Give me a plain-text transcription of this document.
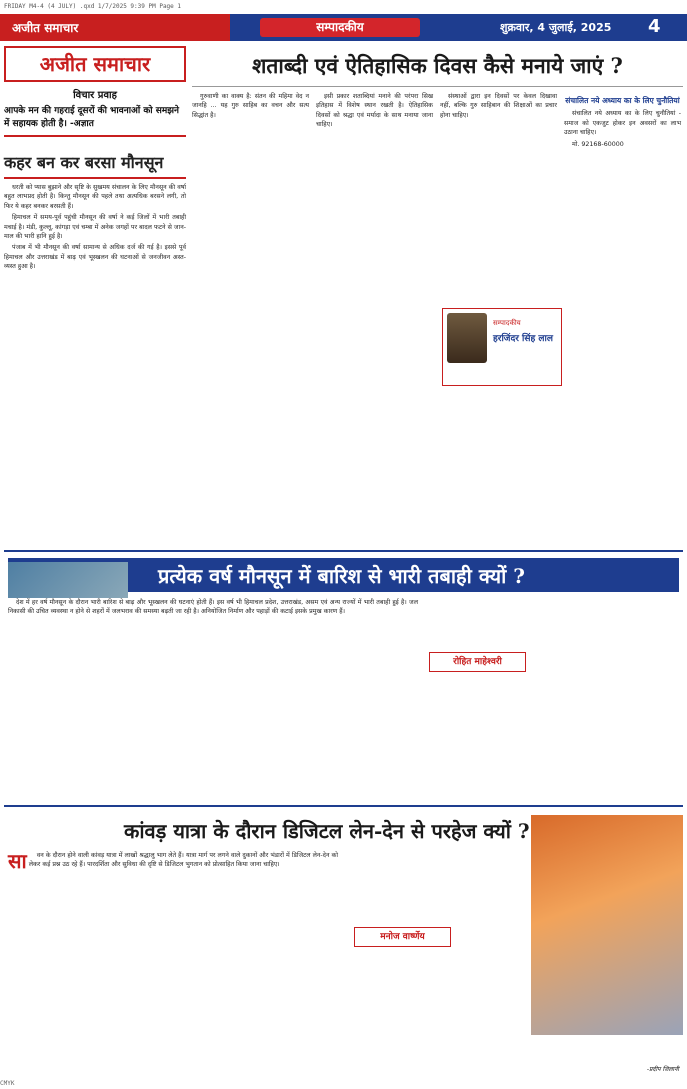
FRIDAY M4-4 (4 JULY) .qxd 1/7/2025 9:39 PM Page 1
अजीत समाचार	सम्पादकीय	शुक्रवार, 4 जुलाई, 2025 4
अजीत समाचार
विचार प्रवाह
आपके मन की गहराई दूसरों की भावनाओं को समझने में सहायक होती है। -अज्ञात
कहर बन कर बरसा मौनसून

धरती को प्यास बुझाने और सृष्टि के सुखमय संचालन के लिए मौनसून की वर्षा बहुत लाभप्रद होती है। किन्तु मौनसून की पहले तथा अत्यधिक बरसने लगी, तो फिर ये कहर बनकर बरसती हैं।

हिमाचल में समय-पूर्व पहुंची मौनसून की वर्षा ने कई जिलों में भारी तबाही मचाई है। मंडी, कुल्लू, कांगड़ा एवं चम्बा में अनेक जगहों पर बादल फटने से जान-माल की भारी हानि हुई है।

पंजाब में भी मौनसून की वर्षा सामान्य से अधिक दर्ज की गई है। इससे पूर्व हिमाचल और उत्तराखंड में बाढ़ एवं भूस्खलन की घटनाओं से जनजीवन अस्त-व्यस्त हुआ है।

शताब्दी एवं ऐतिहासिक दिवस कैसे मनाये जाएं ?

गुरुवाणी का वाक्य है: संतन की महिमा वेद न जानहि ... यह गुरु साहिब का वचन और सत्य सिद्धांत है।

इसी प्रकार शताब्दियां मनाने की परंपरा सिख इतिहास में विशेष स्थान रखती है। ऐतिहासिक दिवसों को श्रद्धा एवं मर्यादा के साथ मनाया जाना चाहिए।

संस्थाओं द्वारा इन दिवसों पर केवल दिखावा नहीं, बल्कि गुरु साहिबान की शिक्षाओं का प्रचार होना चाहिए।

संचालित नये अध्याय का के लिए चुनौतियां

संचालित नये अध्याय का के लिए चुनौतियां - समाज को एकजुट होकर इन अवसरों का लाभ उठाना चाहिए।

मो. 92168-60000

सम्पादकीय
हरजिंदर सिंह लाल
प्रत्येक वर्ष मौनसून में बारिश से भारी तबाही क्यों ?

देश में हर वर्ष मौनसून के दौरान भारी बारिश से बाढ़ और भूस्खलन की घटनाएं होती हैं। इस वर्ष भी हिमाचल प्रदेश, उत्तराखंड, असम एवं अन्य राज्यों में भारी तबाही हुई है। जल निकासी की उचित व्यवस्था न होने से शहरों में जलभराव की समस्या बढ़ती जा रही है। अनियोजित निर्माण और पहाड़ों की कटाई इसके प्रमुख कारण हैं।

रोहित माहेश्वरी
कांवड़ यात्रा के दौरान डिजिटल लेन-देन से परहेज क्यों ?
सा	वन के दौरान होने वाली कांवड़ यात्रा में लाखों श्रद्धालु भाग लेते हैं। यात्रा मार्ग पर लगने वाले दुकानों और भंडारों में डिजिटल लेन-देन को लेकर कई प्रश्न उठ रहे हैं। पारदर्शिता और सुविधा की दृष्टि से डिजिटल भुगतान को प्रोत्साहित किया जाना चाहिए।

मनोज वार्ष्णेय
-प्रदीप जिलानी
CMYK
